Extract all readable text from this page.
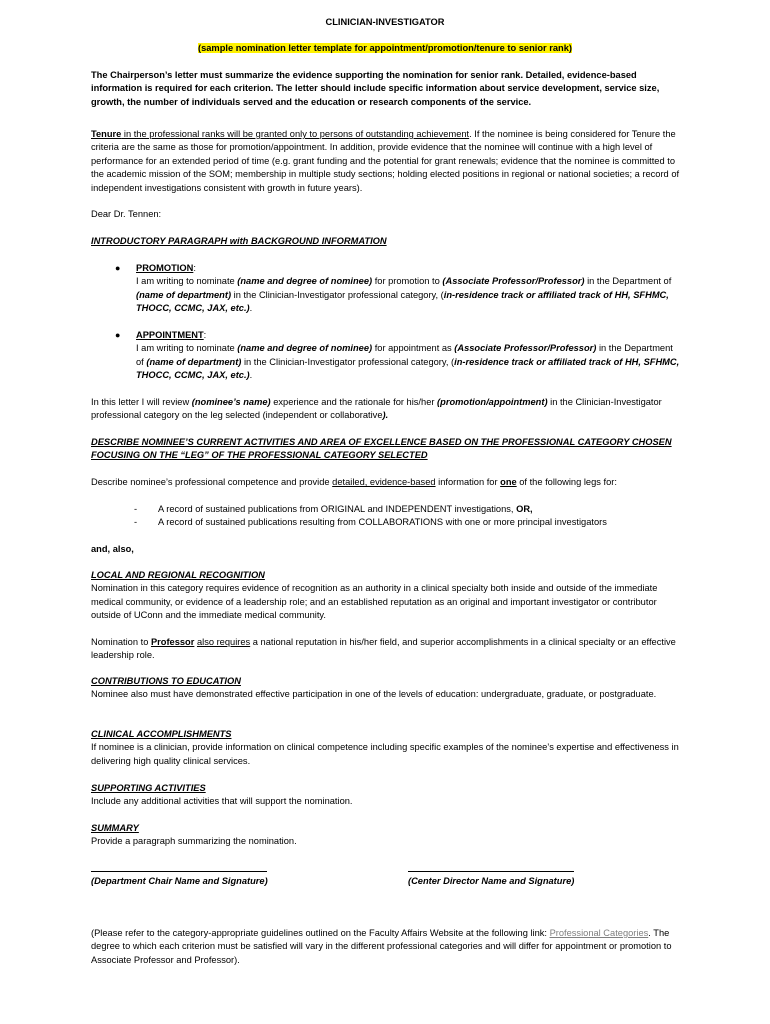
CLINICIAN-INVESTIGATOR
(sample nomination letter template for appointment/promotion/tenure to senior rank)
The Chairperson’s letter must summarize the evidence supporting the nomination for senior rank. Detailed, evidence-based information is required for each criterion. The letter should include specific information about service development, service size, growth, the number of individuals served and the education or research components of the service.
Tenure in the professional ranks will be granted only to persons of outstanding achievement. If the nominee is being considered for Tenure the criteria are the same as those for promotion/appointment. In addition, provide evidence that the nominee will continue with a high level of performance for an extended period of time (e.g. grant funding and the potential for grant renewals; evidence that the nominee is committed to the academic mission of the SOM; membership in multiple study sections; holding elected positions in regional or national societies; a record of independent investigations consistent with growth in future years).
Dear Dr. Tennen:
INTRODUCTORY PARAGRAPH with BACKGROUND INFORMATION
● PROMOTION:
I am writing to nominate (name and degree of nominee) for promotion to (Associate Professor/Professor) in the Department of (name of department) in the Clinician-Investigator professional category, (in-residence track or affiliated track of HH, SFHMC, THOCC, CCMC, JAX, etc.).
● APPOINTMENT:
I am writing to nominate (name and degree of nominee) for appointment as (Associate Professor/Professor) in the Department of (name of department) in the Clinician-Investigator professional category, (in-residence track or affiliated track of HH, SFHMC, THOCC, CCMC, JAX, etc.).
In this letter I will review (nominee’s name) experience and the rationale for his/her (promotion/appointment) in the Clinician-Investigator professional category on the leg selected (independent or collaborative).
DESCRIBE NOMINEE’S CURRENT ACTIVITIES AND AREA OF EXCELLENCE BASED ON THE PROFESSIONAL CATEGORY CHOSEN FOCUSING ON THE “LEG” OF THE PROFESSIONAL CATEGORY SELECTED
Describe nominee’s professional competence and provide detailed, evidence-based information for one of the following legs for:
- A record of sustained publications from ORIGINAL and INDEPENDENT investigations, OR,
- A record of sustained publications resulting from COLLABORATIONS with one or more principal investigators
and, also,
LOCAL AND REGIONAL RECOGNITION
Nomination in this category requires evidence of recognition as an authority in a clinical specialty both inside and outside of the immediate medical community, or evidence of a leadership role; and an established reputation as an original and important investigator or contributor outside of UConn and the immediate medical community.
Nomination to Professor also requires a national reputation in his/her field, and superior accomplishments in a clinical specialty or an effective leadership role.
CONTRIBUTIONS TO EDUCATION
Nominee also must have demonstrated effective participation in one of the levels of education: undergraduate, graduate, or postgraduate.
CLINICAL ACCOMPLISHMENTS
If nominee is a clinician, provide information on clinical competence including specific examples of the nominee’s expertise and effectiveness in delivering high quality clinical services.
SUPPORTING ACTIVITIES
Include any additional activities that will support the nomination.
SUMMARY
Provide a paragraph summarizing the nomination.
(Department Chair Name and Signature)	(Center Director Name and Signature)
(Please refer to the category-appropriate guidelines outlined on the Faculty Affairs Website at the following link: Professional Categories. The degree to which each criterion must be satisfied will vary in the different professional categories and will differ for appointment or promotion to Associate Professor and Professor).
